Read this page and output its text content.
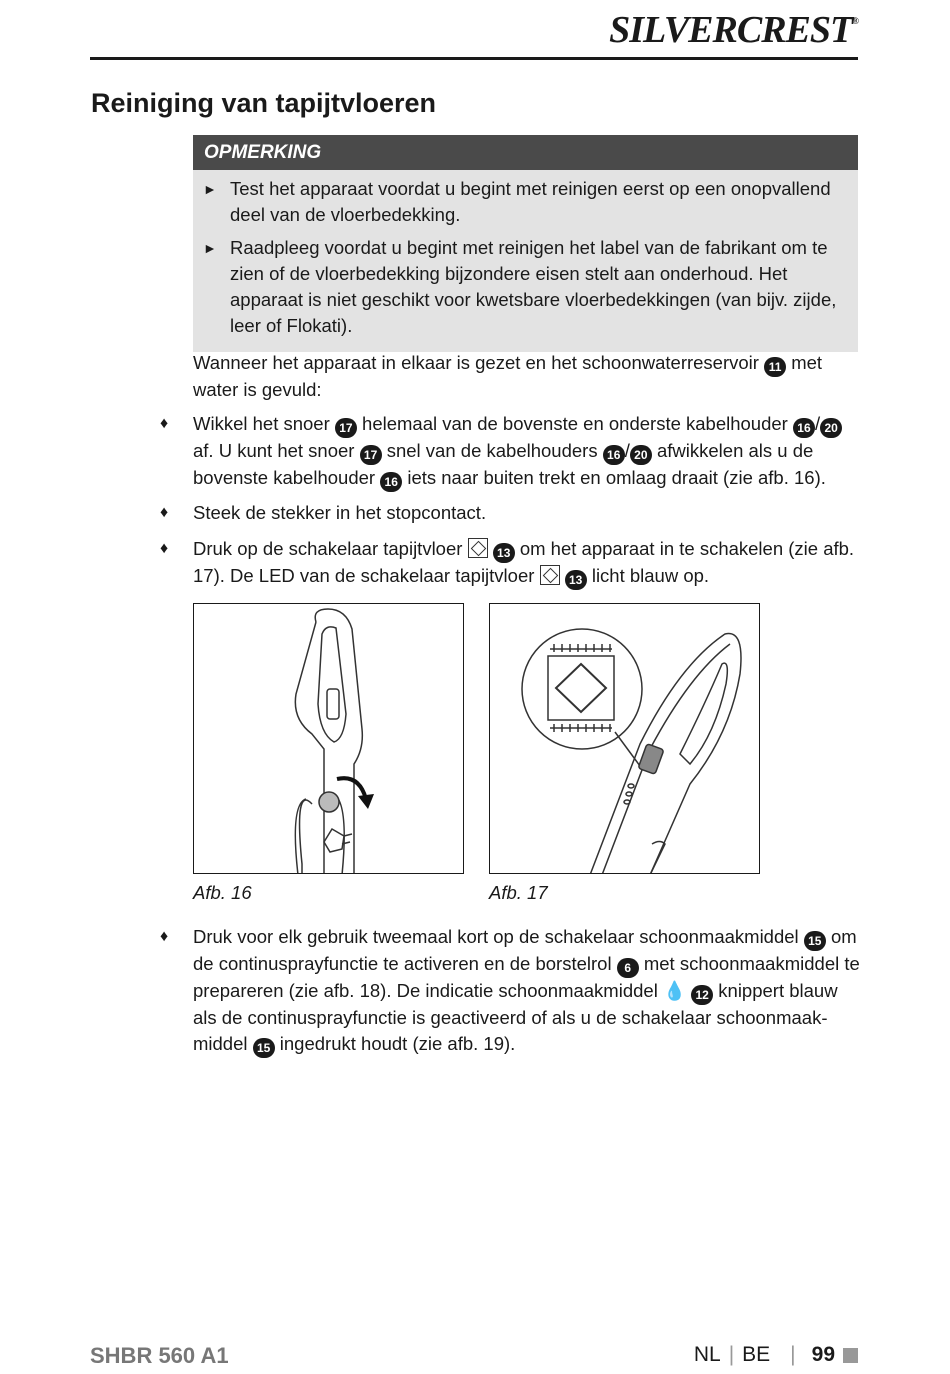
SILVERCREST®
Reiniging van tapijtvloeren
OPMERKING
► Test het apparaat voordat u begint met reinigen eerst op een onopvallend deel van de vloerbedekking.
► Raadpleeg voordat u begint met reinigen het label van de fabrikant om te zien of de vloerbedekking bijzondere eisen stelt aan onderhoud. Het apparaat is niet geschikt voor kwetsbare vloerbedekkingen (van bijv. zijde, leer of Flokati).
Wanneer het apparaat in elkaar is gezet en het schoonwaterreservoir 11 met water is gevuld:
♦ Wikkel het snoer 17 helemaal van de bovenste en onderste kabelhouder 16 / 20 af. U kunt het snoer 17 snel van de kabelhouders 16 / 20 afwikkelen als u de bovenste kabelhouder 16 iets naar buiten trekt en omlaag draait (zie afb. 16).
♦ Steek de stekker in het stopcontact.
♦ Druk op de schakelaar tapijtvloer  13 om het apparaat in te schakelen (zie afb. 17). De LED van de schakelaar tapijtvloer  13 licht blauw op.
Afb. 16	Afb. 17
♦ Druk voor elk gebruik tweemaal kort op de schakelaar schoonmaakmiddel 15 om de continusprayfunctie te activeren en de borstelrol 6 met schoonmaakmiddel te prepareren (zie afb. 18). De indicatie schoonmaakmiddel 💧 12 knippert blauw als de continusprayfunctie is geactiveerd of als u de schakelaar schoonmaak-middel 15 ingedrukt houdt (zie afb. 19).
SHBR 560 A1	NL | BE | 99
